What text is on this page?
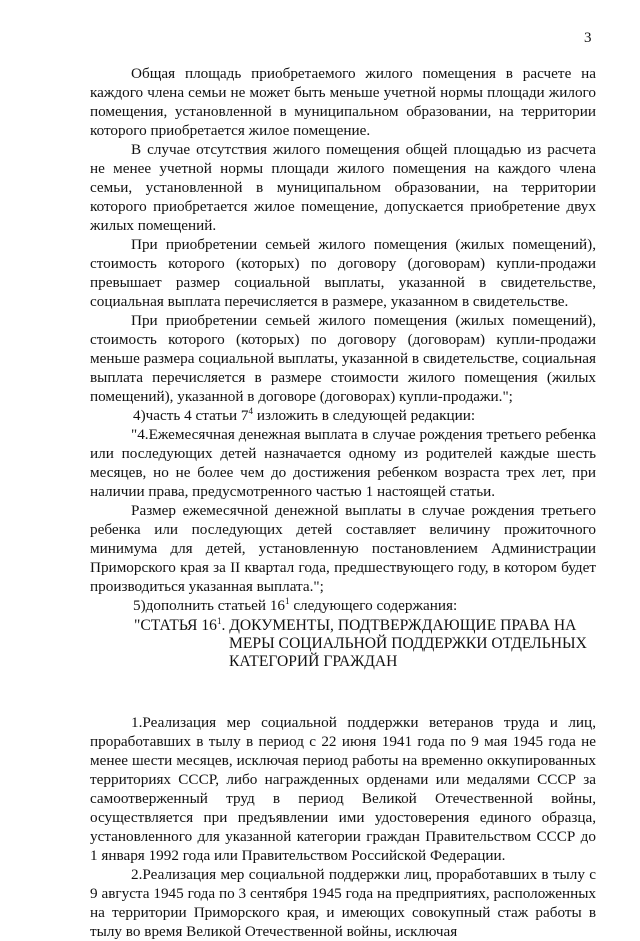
3

Общая площадь приобретаемого жилого помещения в расчете на каждого члена семьи не может быть меньше учетной нормы площади жилого помещения, установленной в муниципальном образовании, на территории которого приобретается жилое помещение.

В случае отсутствия жилого помещения общей площадью из расчета не менее учетной нормы площади жилого помещения на каждого члена семьи, установленной в муниципальном образовании, на территории которого приобретается жилое помещение, допускается приобретение двух жилых помещений.

При приобретении семьей жилого помещения (жилых помещений), стоимость которого (которых) по договору (договорам) купли-продажи превышает размер социальной выплаты, указанной в свидетельстве, социальная выплата перечисляется в размере, указанном в свидетельстве.

При приобретении семьей жилого помещения (жилых помещений), стоимость которого (которых) по договору (договорам) купли-продажи меньше размера социальной выплаты, указанной в свидетельстве, социальная выплата перечисляется в размере стоимости жилого помещения (жилых помещений), указанной в договоре (договорах) купли-продажи.";

4)часть 4 статьи $7^4$ изложить в следующей редакции:

"4.Ежемесячная денежная выплата в случае рождения третьего ребенка или последующих детей назначается одному из родителей каждые шесть месяцев, но не более чем до достижения ребенком возраста трех лет, при наличии права, предусмотренного частью 1 настоящей статьи.

Размер ежемесячной денежной выплаты в случае рождения третьего ребенка или последующих детей составляет величину прожиточного минимума для детей, установленную постановлением Администрации Приморского края за II квартал года, предшествующего году, в котором будет производиться указанная выплата.";

5)дополнить статьей $16^1$ следующего содержания:

"СТАТЬЯ $16^1$. ДОКУМЕНТЫ, ПОДТВЕРЖДАЮЩИЕ ПРАВА НА
МЕРЫ СОЦИАЛЬНОЙ ПОДДЕРЖКИ ОТДЕЛЬНЫХ
КАТЕГОРИЙ ГРАЖДАН

1.Реализация мер социальной поддержки ветеранов труда и лиц, проработавших в тылу в период с 22 июня 1941 года по 9 мая 1945 года не менее шести месяцев, исключая период работы на временно оккупированных территориях СССР, либо награжденных орденами или медалями СССР за самоотверженный труд в период Великой Отечественной войны, осуществляется при предъявлении ими удостоверения единого образца, установленного для указанной категории граждан Правительством СССР до 1 января 1992 года или Правительством Российской Федерации.

2.Реализация мер социальной поддержки лиц, проработавших в тылу с 9 августа 1945 года по 3 сентября 1945 года на предприятиях, расположенных на территории Приморского края, и имеющих совокупный стаж работы в тылу во время Великой Отечественной войны, исключая
